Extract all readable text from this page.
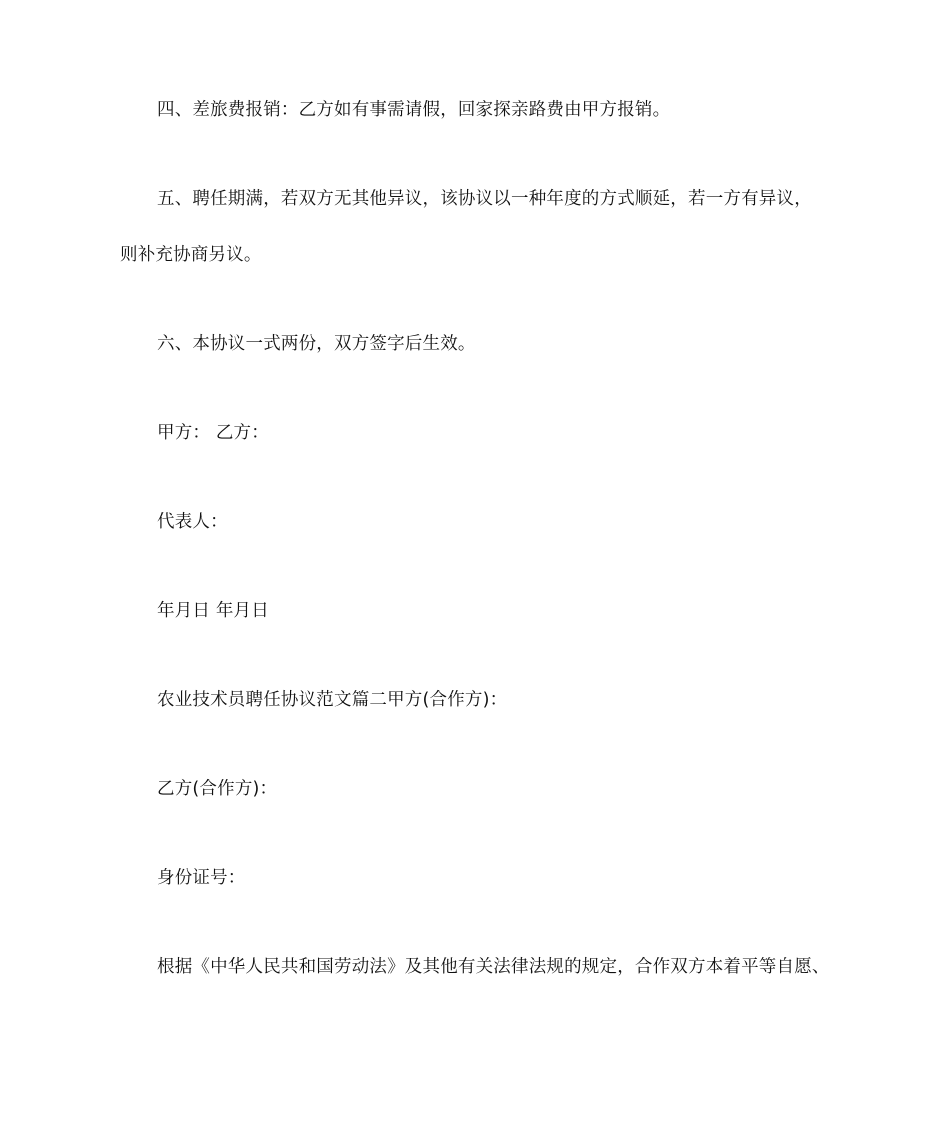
四、差旅费报销：乙方如有事需请假，回家探亲路费由甲方报销。
五、聘任期满，若双方无其他异议，该协议以一种年度的方式顺延，若一方有异议，
则补充协商另议。
六、本协议一式两份，双方签字后生效。
甲方： 乙方：
代表人：
年月日 年月日
农业技术员聘任协议范文篇二甲方(合作方)：
乙方(合作方)：
身份证号：
根据《中华人民共和国劳动法》及其他有关法律法规的规定，合作双方本着平等自愿、
